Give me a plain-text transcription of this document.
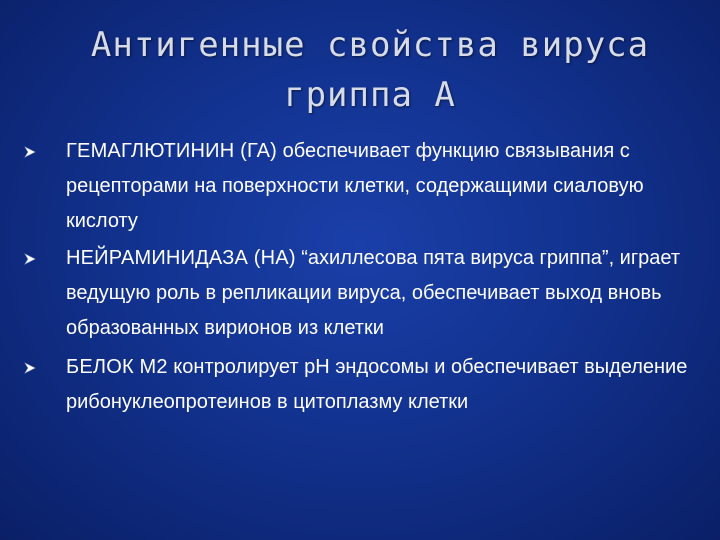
Антигенные свойства вируса
гриппа А
ГЕМАГЛЮТИНИН (ГА) обеспечивает функцию связывания с рецепторами на поверхности клетки, содержащими сиаловую кислоту
НЕЙРАМИНИДАЗА (НА) “ахиллесова пята вируса гриппа”, играет ведущую роль в репликации вируса, обеспечивает выход вновь образованных вирионов из клетки
БЕЛОК М2 контролирует рН эндосомы и обеспечивает выделение рибонуклеопротеинов в цитоплазму клетки
